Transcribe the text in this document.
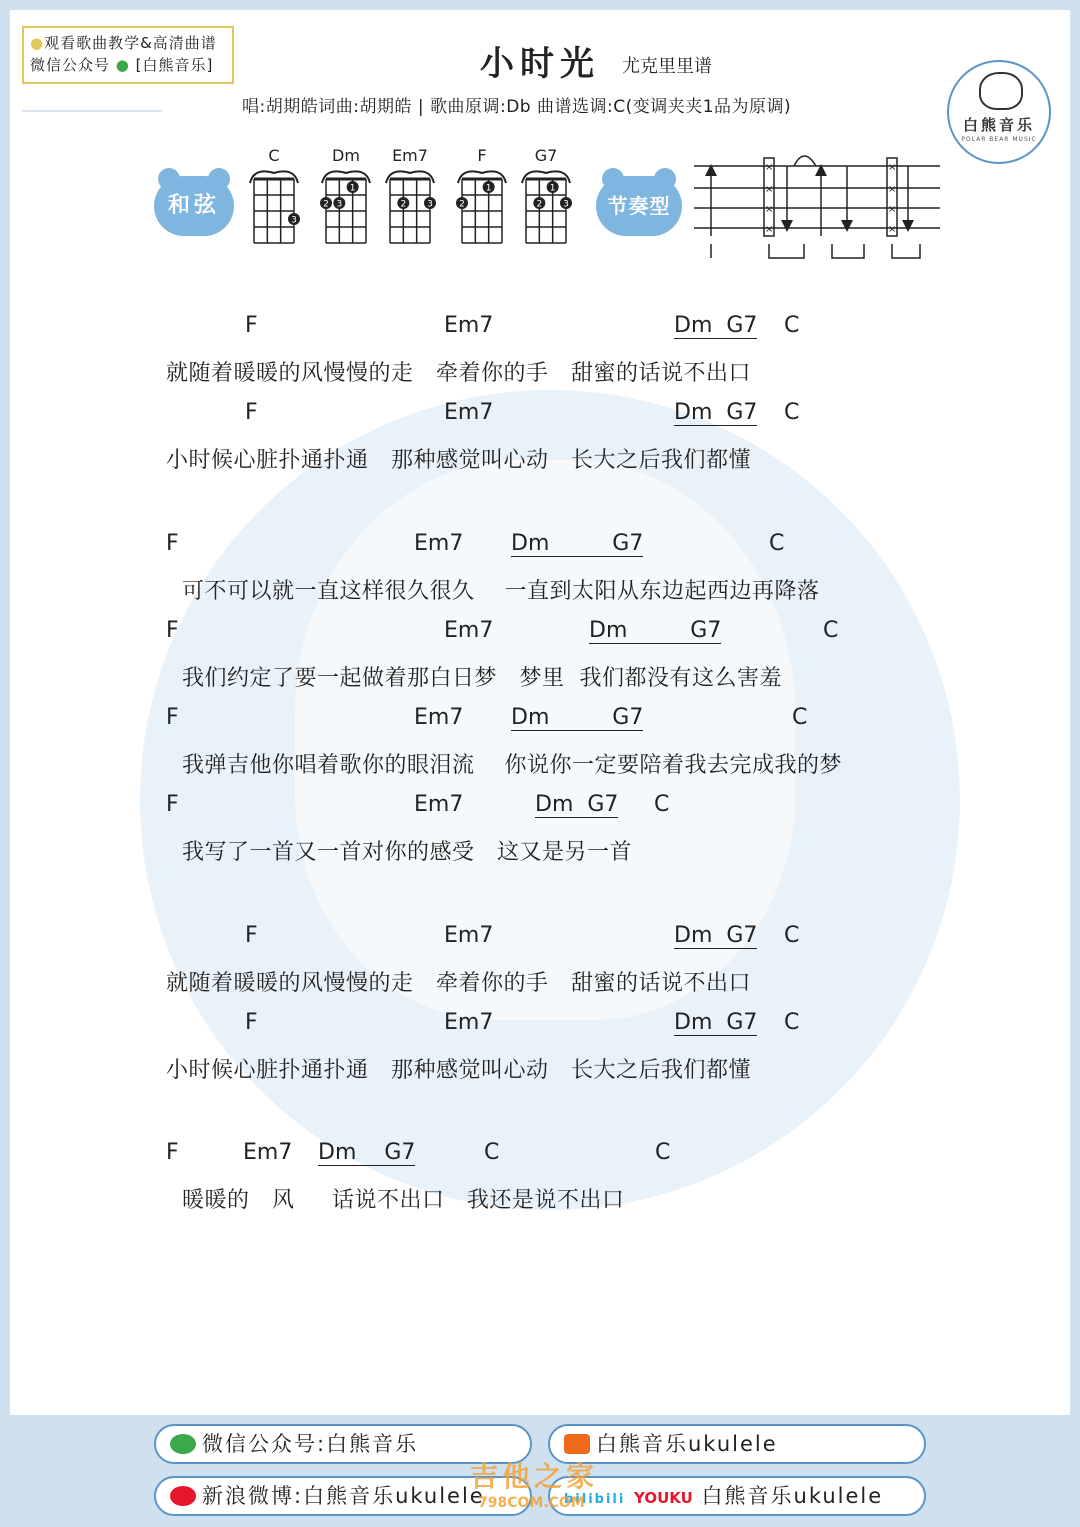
●观看歌曲教学&高清曲谱
微信公众号 ● [白熊音乐]	小时光 尤克里里谱
唱:胡期皓词曲:胡期皓 | 歌曲原调:Db 曲谱选调:C(变调夹夹1品为原调)
白熊音乐
POLAR BEAR MUSIC
和弦
C
3
Dm
2 3
1
Em7
2 3
F
2
1
G7
2
1
3	节奏型
×
×
×
×
×
×
×
×
F	Em7	Dm  G7 C
就随着暖暖的风慢慢的走   牵着你的手   甜蜜的话说不出口
F	Em7	Dm  G7 C
小时候心脏扑通扑通   那种感觉叫心动   长大之后我们都懂
F	Em7 Dm         G7	C
可不可以就一直这样很久很久    一直到太阳从东边起西边再降落
F	Em7	Dm         G7	C
我们约定了要一起做着那白日梦   梦里  我们都没有这么害羞
F	Em7 Dm         G7	C
我弹吉他你唱着歌你的眼泪流    你说你一定要陪着我去完成我的梦
F	Em7	Dm  G7 C
我写了一首又一首对你的感受   这又是另一首
F	Em7	Dm  G7 C
就随着暖暖的风慢慢的走   牵着你的手   甜蜜的话说不出口
F	Em7	Dm  G7 C
小时候心脏扑通扑通   那种感觉叫心动   长大之后我们都懂
F	Em7 Dm    G7	C	C
暖暖的   风     话说不出口   我还是说不出口
微信公众号:白熊音乐	白熊音乐ukulele
新浪微博:白熊音乐ukulele	bilibili YOUKU 白熊音乐ukulele
吉他之家
798COM.COM
